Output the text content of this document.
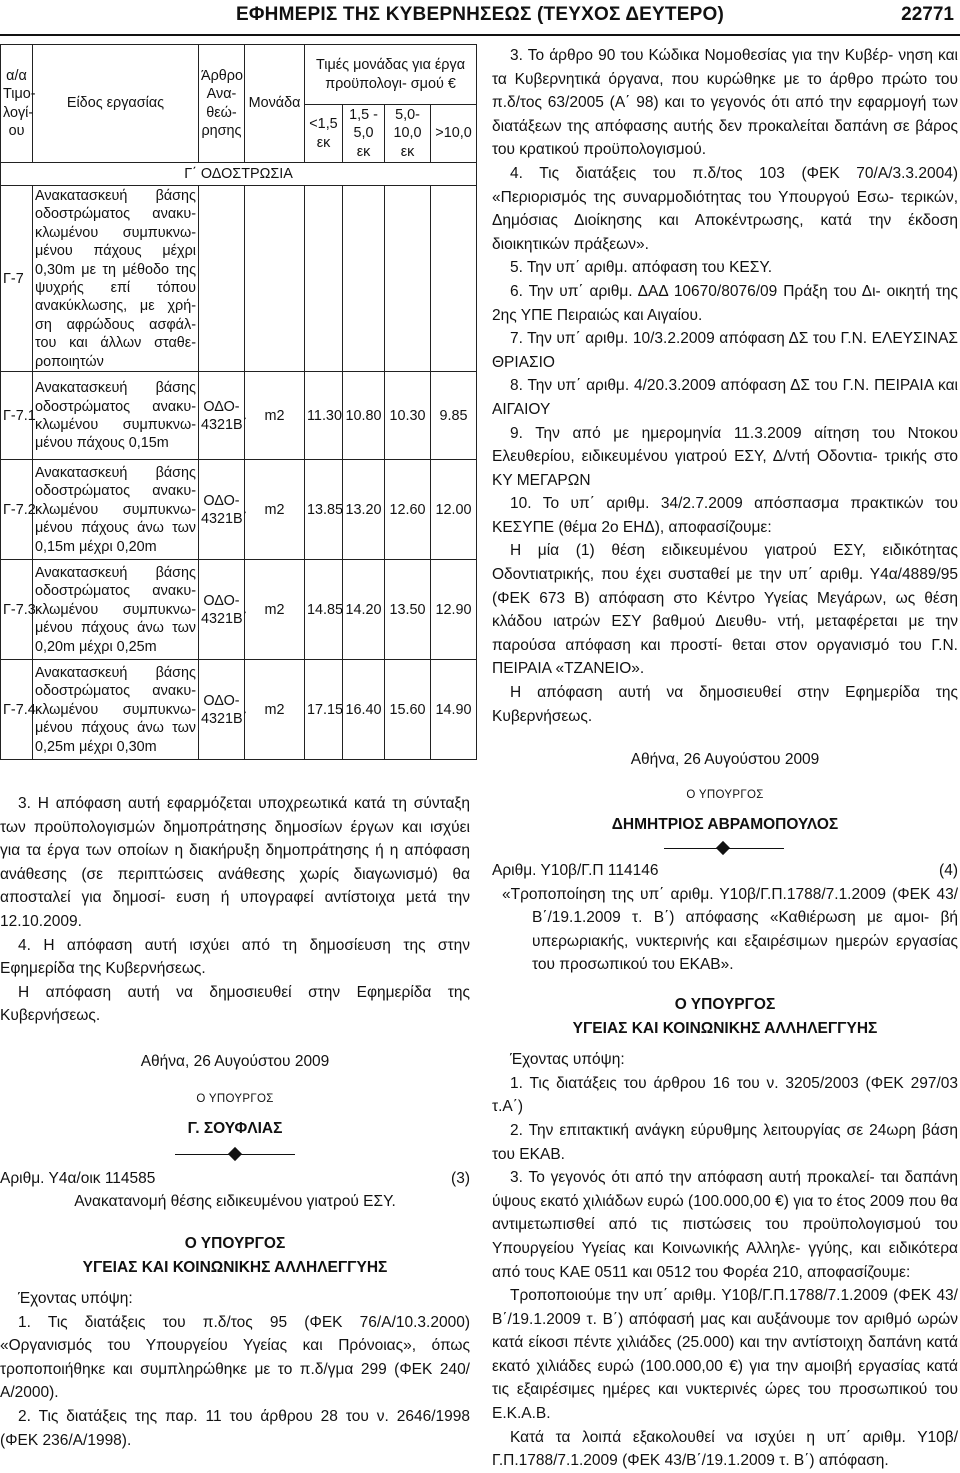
ΕΦΗΜΕΡΙΣ ΤΗΣ ΚΥΒΕΡΝΗΣΕΩΣ (ΤΕΥΧΟΣ ΔΕΥΤΕΡΟ)	22771
α/α Τιμο- λογί- ου	Είδος εργασίας	Άρθρο Ανα- θεώ- ρησης	Μονάδα	Τιμές μονάδας για έργα προϋπολογι- σμού €			
				<1,5 εκ	1,5 - 5,0 εκ	5,0- 10,0 εκ	>10,0
Γ΄ ΟΔΟΣΤΡΩΣΙΑ							
Γ-7	Ανακατασκευή βάσης οδοστρώματος ανακυ- κλωμένου συμπυκνω- μένου πάχους μέχρι 0,30m με τη μέθοδο της ψυχρής επί τόπου ανακύκλωσης, με χρή- ση αφρώδους ασφάλ- του και άλλων σταθε- ροποιητών						
Γ-7.1	Ανακατασκευή βάσης οδοστρώματος ανακυ- κλωμένου συμπυκνω- μένου πάχους 0,15m	ΟΔΟ- 4321Β΄	m2	11.30	10.80	10.30	9.85
Γ-7.2	Ανακατασκευή βάσης οδοστρώματος ανακυ- κλωμένου συμπυκνω- μένου πάχους άνω των 0,15m μέχρι 0,20m	ΟΔΟ- 4321Β΄	m2	13.85	13.20	12.60	12.00
Γ-7.3	Ανακατασκευή βάσης οδοστρώματος ανακυ- κλωμένου συμπυκνω- μένου πάχους άνω των 0,20m μέχρι 0,25m	ΟΔΟ- 4321Β΄	m2	14.85	14.20	13.50	12.90
Γ-7.4	Ανακατασκευή βάσης οδοστρώματος ανακυ- κλωμένου συμπυκνω- μένου πάχους άνω των 0,25m μέχρι 0,30m	ΟΔΟ- 4321Β΄	m2	17.15	16.40	15.60	14.90

3. Η απόφαση αυτή εφαρμόζεται υποχρεωτικά κατά τη σύνταξη των προϋπολογισμών δημοπράτησης δημοσίων έργων και ισχύει για τα έργα των οποίων η διακήρυξη δημοπράτησης ή η απόφαση ανάθεσης (σε περιπτώσεις ανάθεσης χωρίς διαγωνισμό) θα αποσταλεί για δημοσί- ευση ή υπογραφεί αντίστοιχα μετά την 12.10.2009.

4. Η απόφαση αυτή ισχύει από τη δημοσίευση της στην Εφημερίδα της Κυβερνήσεως.

Η απόφαση αυτή να δημοσιευθεί στην Εφημερίδα της Κυβερνήσεως.

Αθήνα, 26 Αυγούστου 2009

Ο ΥΠΟΥΡΓΟΣ

Γ. ΣΟΥΦΛΙΑΣ

Αριθμ. Υ4α/οικ 114585	(3)

Ανακατανομή θέσης ειδικευμένου γιατρού ΕΣΥ.

Ο ΥΠΟΥΡΓΟΣ

ΥΓΕΙΑΣ ΚΑΙ ΚΟΙΝΩΝΙΚΗΣ ΑΛΛΗΛΕΓΓΥΗΣ

Έχοντας υπόψη:

1. Τις διατάξεις του π.δ/τος 95 (ΦΕΚ 76/Α/10.3.2000) «Οργανισμός του Υπουργείου Υγείας και Πρόνοιας», όπως τροποποιήθηκε και συμπληρώθηκε με το π.δ/γμα 299 (ΦΕΚ 240/Α/2000).

2. Τις διατάξεις της παρ. 11 του άρθρου 28 του ν. 2646/1998 (ΦΕΚ 236/Α/1998).

3. Το άρθρο 90 του Κώδικα Νομοθεσίας για την Κυβέρ- νηση και τα Κυβερνητικά όργανα, που κυρώθηκε με το άρθρο πρώτο του π.δ/τος 63/2005 (Α΄ 98) και το γεγονός ότι από την εφαρμογή των διατάξεων της απόφασης αυτής δεν προκαλείται δαπάνη σε βάρος του κρατικού προϋπολογισμού.

4. Τις διατάξεις του π.δ/τος 103 (ΦΕΚ 70/Α/3.3.2004) «Περιορισμός της συναρμοδιότητας του Υπουργού Εσω- τερικών, Δημόσιας Διοίκησης και Αποκέντρωσης, κατά την έκδοση διοικητικών πράξεων».

5. Την υπ΄ αριθμ. απόφαση του ΚΕΣΥ.

6. Την υπ΄ αριθμ. ΔΑΔ 10670/8076/09 Πράξη του Δι- οικητή της 2ης ΥΠΕ Πειραιώς και Αιγαίου.

7. Την υπ΄ αριθμ. 10/3.2.2009 απόφαση ΔΣ του Γ.Ν. ΕΛΕΥΣΙΝΑΣ ΘΡΙΑΣΙΟ

8. Την υπ΄ αριθμ. 4/20.3.2009 απόφαση ΔΣ του Γ.Ν. ΠΕΙΡΑΙΑ και ΑΙΓΑΙΟΥ

9. Την από με ημερομηνία 11.3.2009 αίτηση του Ντοκου Ελευθερίου, ειδικευμένου γιατρού ΕΣΥ, Δ/ντή Οδοντια- τρικής στο ΚΥ ΜΕΓΑΡΩΝ

10. Το υπ΄ αριθμ. 34/2.7.2009 απόσπασμα πρακτικών του ΚΕΣΥΠΕ (θέμα 2ο ΕΗΔ), αποφασίζουμε:

Η μία (1) θέση ειδικευμένου γιατρού ΕΣΥ, ειδικότητας Οδοντιατρικής, που έχει συσταθεί με την υπ΄ αριθμ. Υ4α/4889/95 (ΦΕΚ 673 Β) απόφαση στο Κέντρο Υγείας Μεγάρων, ως θέση κλάδου ιατρών ΕΣΥ βαθμού Διευθυ- ντή, μεταφέρεται με την παρούσα απόφαση και προστί- θεται στον οργανισμό του Γ.Ν. ΠΕΙΡΑΙΑ «ΤΖΑΝΕΙΟ».

Η απόφαση αυτή να δημοσιευθεί στην Εφημερίδα της Κυβερνήσεως.

Αθήνα, 26 Αυγούστου 2009

Ο ΥΠΟΥΡΓΟΣ

ΔΗΜΗΤΡΙΟΣ ΑΒΡΑΜΟΠΟΥΛΟΣ

Αριθμ. Υ10β/Γ.Π 114146	(4)

«Τροποποίηση της υπ΄ αριθμ. Υ10β/Γ.Π.1788/7.1.2009 (ΦΕΚ 43/Β΄/19.1.2009 τ. Β΄) απόφασης «Καθιέρωση με αμοι- βή υπερωριακής, νυκτερινής και εξαιρέσιμων ημερών εργασίας του προσωπικού του ΕΚΑΒ».

Ο ΥΠΟΥΡΓΟΣ

ΥΓΕΙΑΣ ΚΑΙ ΚΟΙΝΩΝΙΚΗΣ ΑΛΛΗΛΕΓΓΥΗΣ

Έχοντας υπόψη:

1. Τις διατάξεις του άρθρου 16 του ν. 3205/2003 (ΦΕΚ 297/03 τ.Α΄)

2. Την επιτακτική ανάγκη εύρυθμης λειτουργίας σε 24ωρη βάση του ΕΚΑΒ.

3. Το γεγονός ότι από την απόφαση αυτή προκαλεί- ται δαπάνη ύψους εκατό χιλιάδων ευρώ (100.000,00 €) για το έτος 2009 που θα αντιμετωπισθεί από τις πιστώσεις του προϋπολογισμού του Υπουργείου Υγείας και Κοινωνικής Αλληλε- γγύης, και ειδικότερα από τους ΚΑΕ 0511 και 0512 του Φορέα 210, αποφασίζουμε:

Τροποποιούμε την υπ΄ αριθμ. Υ10β/Γ.Π.1788/7.1.2009 (ΦΕΚ 43/Β΄/19.1.2009 τ. Β΄) απόφασή μας και αυξάνουμε τον αριθμό ωρών κατά είκοσι πέντε χιλιάδες (25.000) και την αντίστοιχη δαπάνη κατά εκατό χιλιάδες ευρώ (100.000,00 €) για την αμοιβή εργασίας κατά τις εξαιρέσιμες ημέρες και νυκτερινές ώρες του προσωπικού του Ε.Κ.Α.Β.

Κατά τα λοιπά εξακολουθεί να ισχύει η υπ΄ αριθμ. Υ10β/ Γ.Π.1788/7.1.2009 (ΦΕΚ 43/Β΄/19.1.2009 τ. Β΄) απόφαση.
